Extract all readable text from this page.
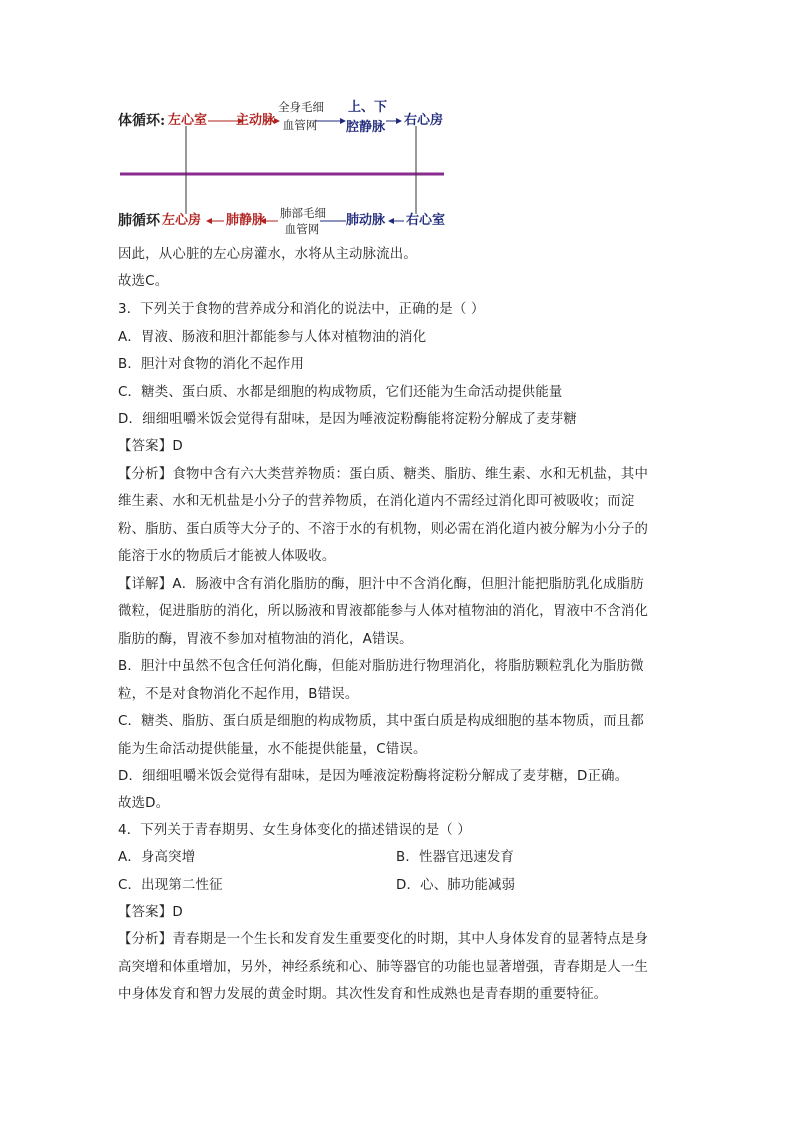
体循环: 左心室 主动脉
全身毛细
血管网
上、下
腔静脉 右心房
肺循环 左心房 肺静脉 肺部毛细
血管网
肺动脉 右心室
因此，从心脏的左心房灌水，水将从主动脉流出。
故选C。
3．下列关于食物的营养成分和消化的说法中，正确的是（ ）
A．胃液、肠液和胆汁都能参与人体对植物油的消化
B．胆汁对食物的消化不起作用
C．糖类、蛋白质、水都是细胞的构成物质，它们还能为生命活动提供能量
D．细细咀嚼米饭会觉得有甜味，是因为唾液淀粉酶能将淀粉分解成了麦芽糖
【答案】D
【分析】食物中含有六大类营养物质：蛋白质、糖类、脂肪、维生素、水和无机盐，其中
维生素、水和无机盐是小分子的营养物质，在消化道内不需经过消化即可被吸收；而淀
粉、脂肪、蛋白质等大分子的、不溶于水的有机物，则必需在消化道内被分解为小分子的
能溶于水的物质后才能被人体吸收。
【详解】A．肠液中含有消化脂肪的酶，胆汁中不含消化酶，但胆汁能把脂肪乳化成脂肪
微粒，促进脂肪的消化，所以肠液和胃液都能参与人体对植物油的消化，胃液中不含消化
脂肪的酶，胃液不参加对植物油的消化，A错误。
B．胆汁中虽然不包含任何消化酶，但能对脂肪进行物理消化，将脂肪颗粒乳化为脂肪微
粒，不是对食物消化不起作用，B错误。
C．糖类、脂肪、蛋白质是细胞的构成物质，其中蛋白质是构成细胞的基本物质，而且都
能为生命活动提供能量，水不能提供能量，C错误。
D．细细咀嚼米饭会觉得有甜味，是因为唾液淀粉酶将淀粉分解成了麦芽糖，D正确。
故选D。
4．下列关于青春期男、女生身体变化的描述错误的是（ ）
A．身高突增	B．性器官迅速发育
C．出现第二性征	D．心、肺功能减弱
【答案】D
【分析】青春期是一个生长和发育发生重要变化的时期，其中人身体发育的显著特点是身
高突增和体重增加，另外，神经系统和心、肺等器官的功能也显著增强，青春期是人一生
中身体发育和智力发展的黄金时期。其次性发育和性成熟也是青春期的重要特征。
